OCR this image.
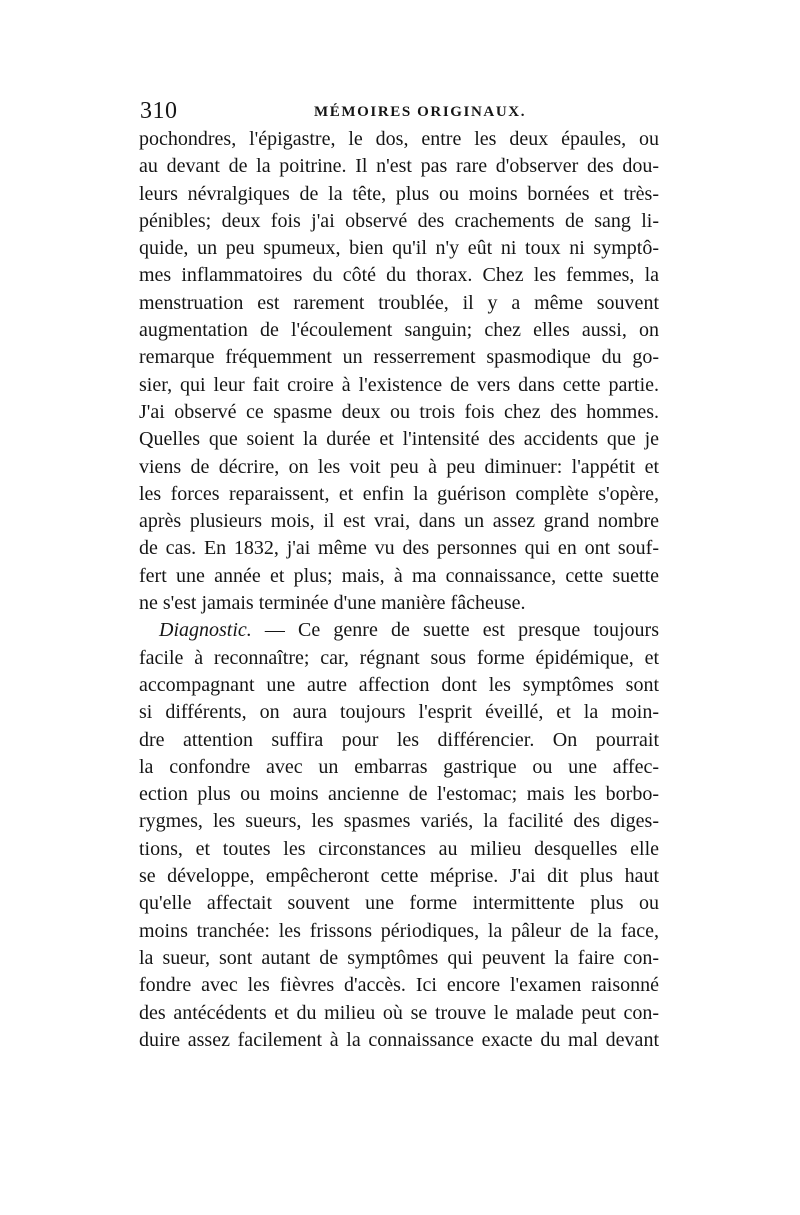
310	MÉMOIRES ORIGINAUX.
pochondres, l'épigastre, le dos, entre les deux épaules, ou
au devant de la poitrine. Il n'est pas rare d'observer des dou-
leurs névralgiques de la tête, plus ou moins bornées et très-
pénibles; deux fois j'ai observé des crachements de sang li-
quide, un peu spumeux, bien qu'il n'y eût ni toux ni symptô-
mes inflammatoires du côté du thorax. Chez les femmes, la
menstruation est rarement troublée, il y a même souvent
augmentation de l'écoulement sanguin; chez elles aussi, on
remarque fréquemment un resserrement spasmodique du go-
sier, qui leur fait croire à l'existence de vers dans cette partie.
J'ai observé ce spasme deux ou trois fois chez des hommes.
Quelles que soient la durée et l'intensité des accidents que je
viens de décrire, on les voit peu à peu diminuer: l'appétit et
les forces reparaissent, et enfin la guérison complète s'opère,
après plusieurs mois, il est vrai, dans un assez grand nombre
de cas. En 1832, j'ai même vu des personnes qui en ont souf-
fert une année et plus; mais, à ma connaissance, cette suette
ne s'est jamais terminée d'une manière fâcheuse.
Diagnostic. — Ce genre de suette est presque toujours
facile à reconnaître; car, régnant sous forme épidémique, et
accompagnant une autre affection dont les symptômes sont
si différents, on aura toujours l'esprit éveillé, et la moin-
dre attention suffira pour les différencier. On pourrait
la confondre avec un embarras gastrique ou une affec-
ection plus ou moins ancienne de l'estomac; mais les borbo-
rygmes, les sueurs, les spasmes variés, la facilité des diges-
tions, et toutes les circonstances au milieu desquelles elle
se développe, empêcheront cette méprise. J'ai dit plus haut
qu'elle affectait souvent une forme intermittente plus ou
moins tranchée: les frissons périodiques, la pâleur de la face,
la sueur, sont autant de symptômes qui peuvent la faire con-
fondre avec les fièvres d'accès. Ici encore l'examen raisonné
des antécédents et du milieu où se trouve le malade peut con-
duire assez facilement à la connaissance exacte du mal devant
